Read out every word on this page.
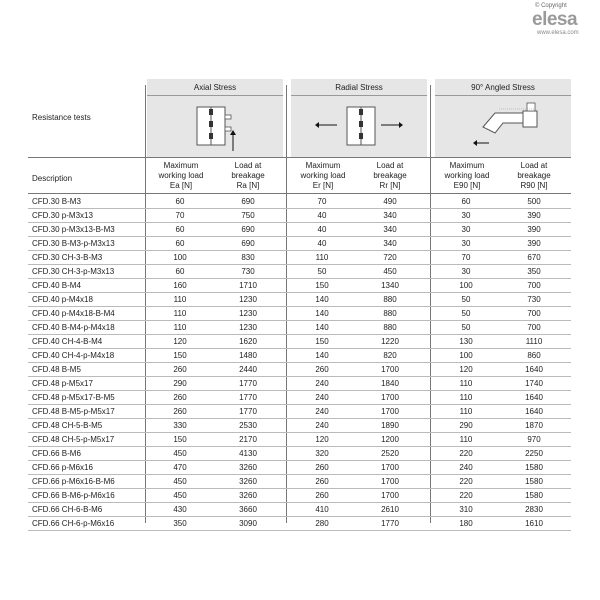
© Copyright
elesa
www.elesa.com
Axial Stress	Radial Stress	90° Angled Stress
Resistance tests
Description
Maximum
working load
Ea [N]
Load at
breakage
Ra [N]
Maximum
working load
Er [N]
Load at
breakage
Rr [N]
Maximum
working load
E90 [N]
Load at
breakage
R90 [N]
CFD.30 B-M3	60	690	70	490	60	500
CFD.30 p-M3x13	70	750	40	340	30	390
CFD.30 p-M3x13-B-M3	60	690	40	340	30	390
CFD.30 B-M3-p-M3x13	60	690	40	340	30	390
CFD.30 CH-3-B-M3	100	830	110	720	70	670
CFD.30 CH-3-p-M3x13	60	730	50	450	30	350
CFD.40 B-M4	160	1710	150	1340	100	700
CFD.40 p-M4x18	110	1230	140	880	50	730
CFD.40 p-M4x18-B-M4	110	1230	140	880	50	700
CFD.40 B-M4-p-M4x18	110	1230	140	880	50	700
CFD.40 CH-4-B-M4	120	1620	150	1220	130	1110
CFD.40 CH-4-p-M4x18	150	1480	140	820	100	860
CFD.48 B-M5	260	2440	260	1700	120	1640
CFD.48 p-M5x17	290	1770	240	1840	110	1740
CFD.48 p-M5x17-B-M5	260	1770	240	1700	110	1640
CFD.48 B-M5-p-M5x17	260	1770	240	1700	110	1640
CFD.48 CH-5-B-M5	330	2530	240	1890	290	1870
CFD.48 CH-5-p-M5x17	150	2170	120	1200	110	970
CFD.66 B-M6	450	4130	320	2520	220	2250
CFD.66 p-M6x16	470	3260	260	1700	240	1580
CFD.66 p-M6x16-B-M6	450	3260	260	1700	220	1580
CFD.66 B-M6-p-M6x16	450	3260	260	1700	220	1580
CFD.66 CH-6-B-M6	430	3660	410	2610	310	2830
CFD.66 CH-6-p-M6x16	350	3090	280	1770	180	1610
